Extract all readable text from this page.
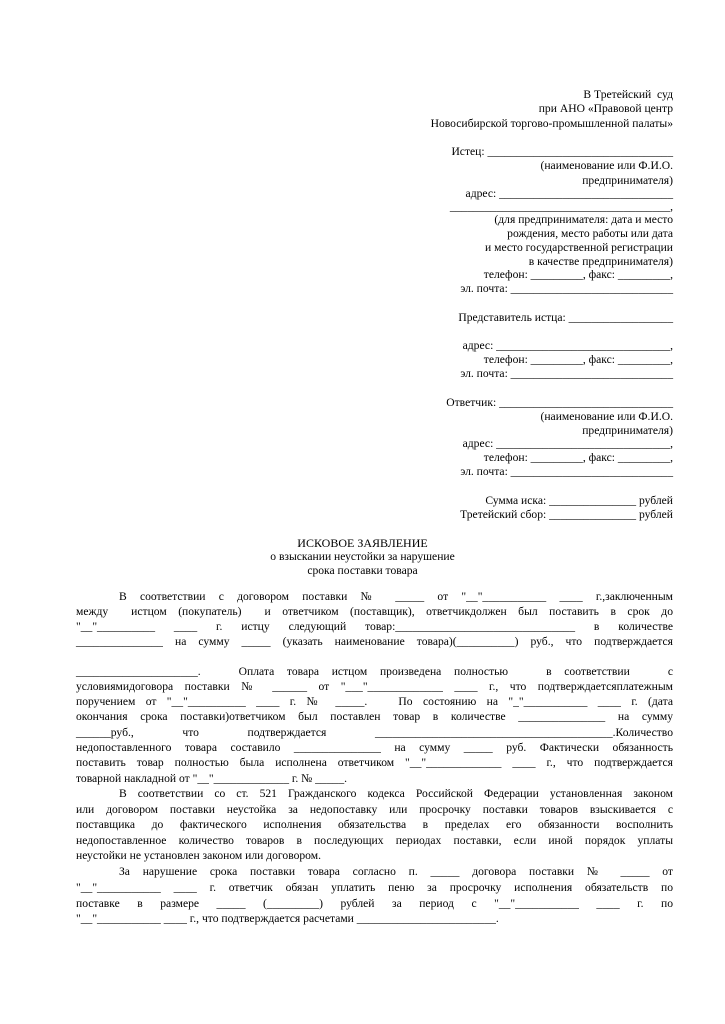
В Третейский  суд
при АНО «Правовой центр
Новосибирской торгово-промышленной палаты»
Истец: ________________________________
(наименование или Ф.И.О.
предпринимателя)
адрес: ______________________________
______________________________________,
(для предпринимателя: дата и место
рождения, место работы или дата
и место государственной регистрации
в качестве предпринимателя)
телефон: _________, факс: _________,
эл. почта: ____________________________
Представитель истца: __________________
адрес: ______________________________,
телефон: _________, факс: _________,
эл. почта: ____________________________
Ответчик: ______________________________
(наименование или Ф.И.О.
предпринимателя)
адрес: ______________________________,
телефон: _________, факс: _________,
эл. почта: ____________________________
Сумма иска: _______________ рублей
Третейский сбор: _______________ рублей
ИСКОВОЕ ЗАЯВЛЕНИЕ
о взыскании неустойки за нарушение
срока поставки товара
В соответствии с договором поставки № _____ от "__"___________ ____ г.,заключенным
между  истцом (покупатель)  и ответчиком (поставщик), ответчикдолжен был поставить в срок до
"__"__________ ____ г. истцу следующий товар:_______________________________ в количестве
_______________ на сумму _____ (указать наименование товара)(__________) руб., что подтверждается
_____________________.   Оплата товара истцом произведена полностью   в соответствии   с
условиямидоговора поставки № ______ от "___"_____________ ____ г., что подтверждаетсяплатежным
поручением от "__"__________ ____ г. № _____.   По состоянию на "_"___________ ____ г. (дата
окончания срока поставки)ответчиком был поставлен товар в количестве _______________ на сумму
______руб., что подтверждается _________________________________________.Количество
недопоставленного товара составило _______________ на сумму _____ руб. Фактически обязанность
поставить товар полностью была исполнена ответчиком "__"_____________ ____ г., что подтверждается
товарной накладной от "__"_____________ г. № _____.
В соответствии со ст. 521 Гражданского кодекса Российской Федерации установленная законом
или договором поставки неустойка за недопоставку или просрочку поставки товаров взыскивается с
поставщика до фактического исполнения обязательства в пределах его обязанности восполнить
недопоставленное количество товаров в последующих периодах поставки, если иной порядок уплаты
неустойки не установлен законом или договором.
За нарушение срока поставки товара согласно п. _____ договора поставки № _____ от
"__"___________ ____ г. ответчик обязан уплатить пеню за просрочку исполнения обязательств по
поставке в размере _____ (_________) рублей за период с "__"___________ ____ г. по
"__"___________ ____ г., что подтверждается расчетами ________________________.
